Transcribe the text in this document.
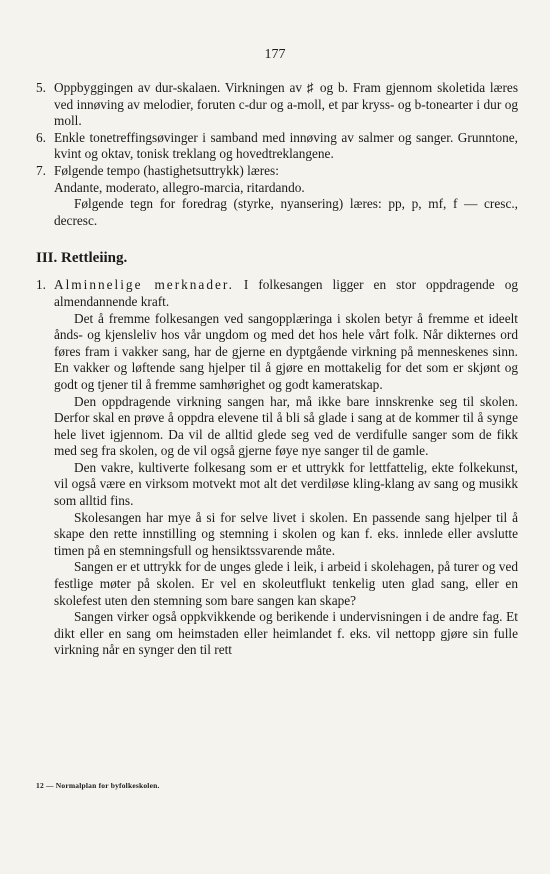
177
5. Oppbyggingen av dur-skalaen. Virkningen av ♯ og b. Fram gjennom skoletida læres ved innøving av melodier, foruten c-dur og a-moll, et par kryss- og b-tonearter i dur og moll.

6. Enkle tonetreffingsøvinger i samband med innøving av salmer og sanger. Grunntone, kvint og oktav, tonisk treklang og hovedtreklangene.

7. Følgende tempo (hastighetsuttrykk) læres:

Andante, moderato, allegro-marcia, ritardando.

Følgende tegn for foredrag (styrke, nyansering) læres: pp, p, mf, f — cresc., decresc.

III. Rettleiing.
1. Alminnelige merknader. I folkesangen ligger en stor oppdragende og almendannende kraft.

Det å fremme folkesangen ved sangopplæringa i skolen betyr å fremme et ideelt ånds- og kjensleliv hos vår ungdom og med det hos hele vårt folk. Når dikternes ord føres fram i vakker sang, har de gjerne en dyptgående virkning på menneskenes sinn. En vakker og løftende sang hjelper til å gjøre en mottakelig for det som er skjønt og godt og tjener til å fremme samhørighet og godt kameratskap.

Den oppdragende virkning sangen har, må ikke bare innskrenke seg til skolen. Derfor skal en prøve å oppdra elevene til å bli så glade i sang at de kommer til å synge hele livet igjennom. Da vil de alltid glede seg ved de verdifulle sanger som de fikk med seg fra skolen, og de vil også gjerne føye nye sanger til de gamle.

Den vakre, kultiverte folkesang som er et uttrykk for lettfattelig, ekte folkekunst, vil også være en virksom motvekt mot alt det verdiløse kling-klang av sang og musikk som alltid fins.

Skolesangen har mye å si for selve livet i skolen. En passende sang hjelper til å skape den rette innstilling og stemning i skolen og kan f. eks. innlede eller avslutte timen på en stemningsfull og hensiktssvarende måte.

Sangen er et uttrykk for de unges glede i leik, i arbeid i skolehagen, på turer og ved festlige møter på skolen. Er vel en skoleutflukt tenkelig uten glad sang, eller en skolefest uten den stemning som bare sangen kan skape?

Sangen virker også oppkvikkende og berikende i undervisningen i de andre fag. Et dikt eller en sang om heimstaden eller heimlandet f. eks. vil nettopp gjøre sin fulle virkning når en synger den til rett

12 — Normalplan for byfolkeskolen.
